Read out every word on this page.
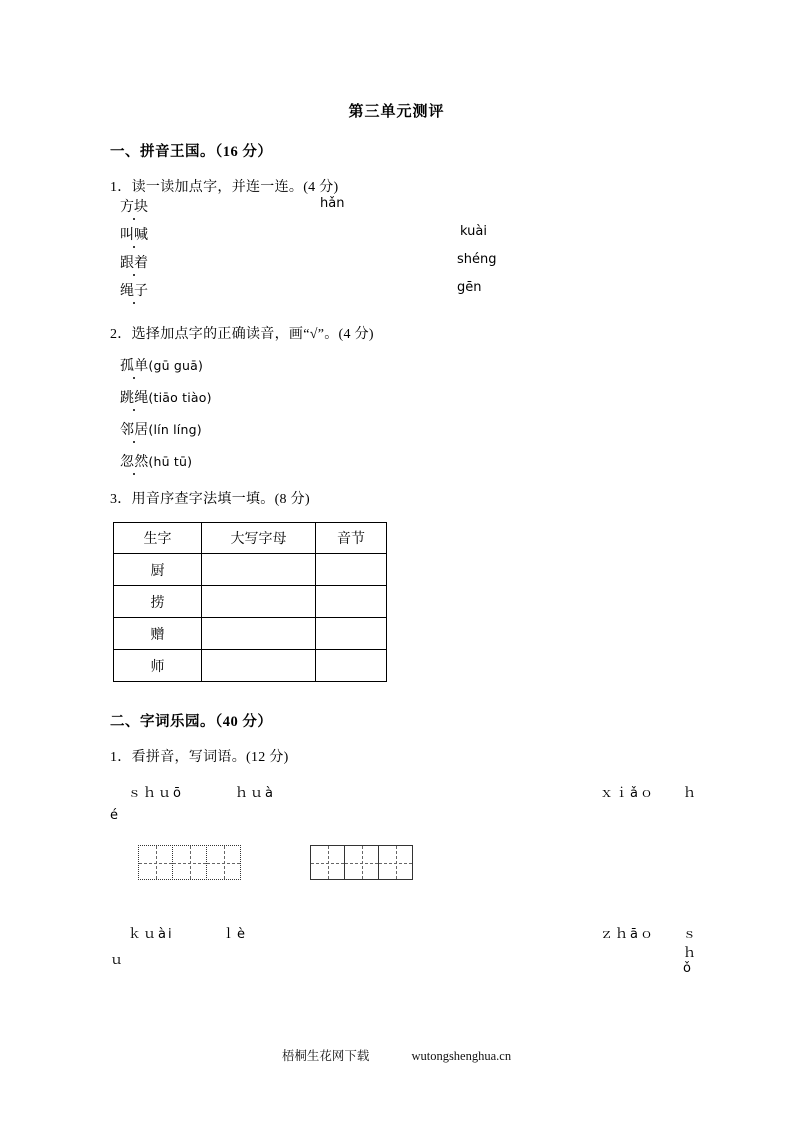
第三单元测评
一、拼音王国。（16 分）
1．读一读加点字，并连一连。(4 分)
方块	hǎn
叫喊	kuài
跟着	shéng
绳子	gēn
2．选择加点字的正确读音，画“√”。(4 分)
孤单(gū guā)
跳绳(tiāo tiào)
邻居(lín líng)
忽然(hū tū)
3．用音序查字法填一填。(8 分)
生字	大写字母	音节
厨		
捞		
赠		
师		
二、字词乐园。（40 分）
1．看拼音，写词语。(12 分)
ｓｈｕō	ｈｕà	ｘｉǎｏ ｈ
é
ｋｕài	ｌè	ｚｈāｏ ｓｈǒ
ｕ
梧桐生花网下载	wutongshenghua.cn
